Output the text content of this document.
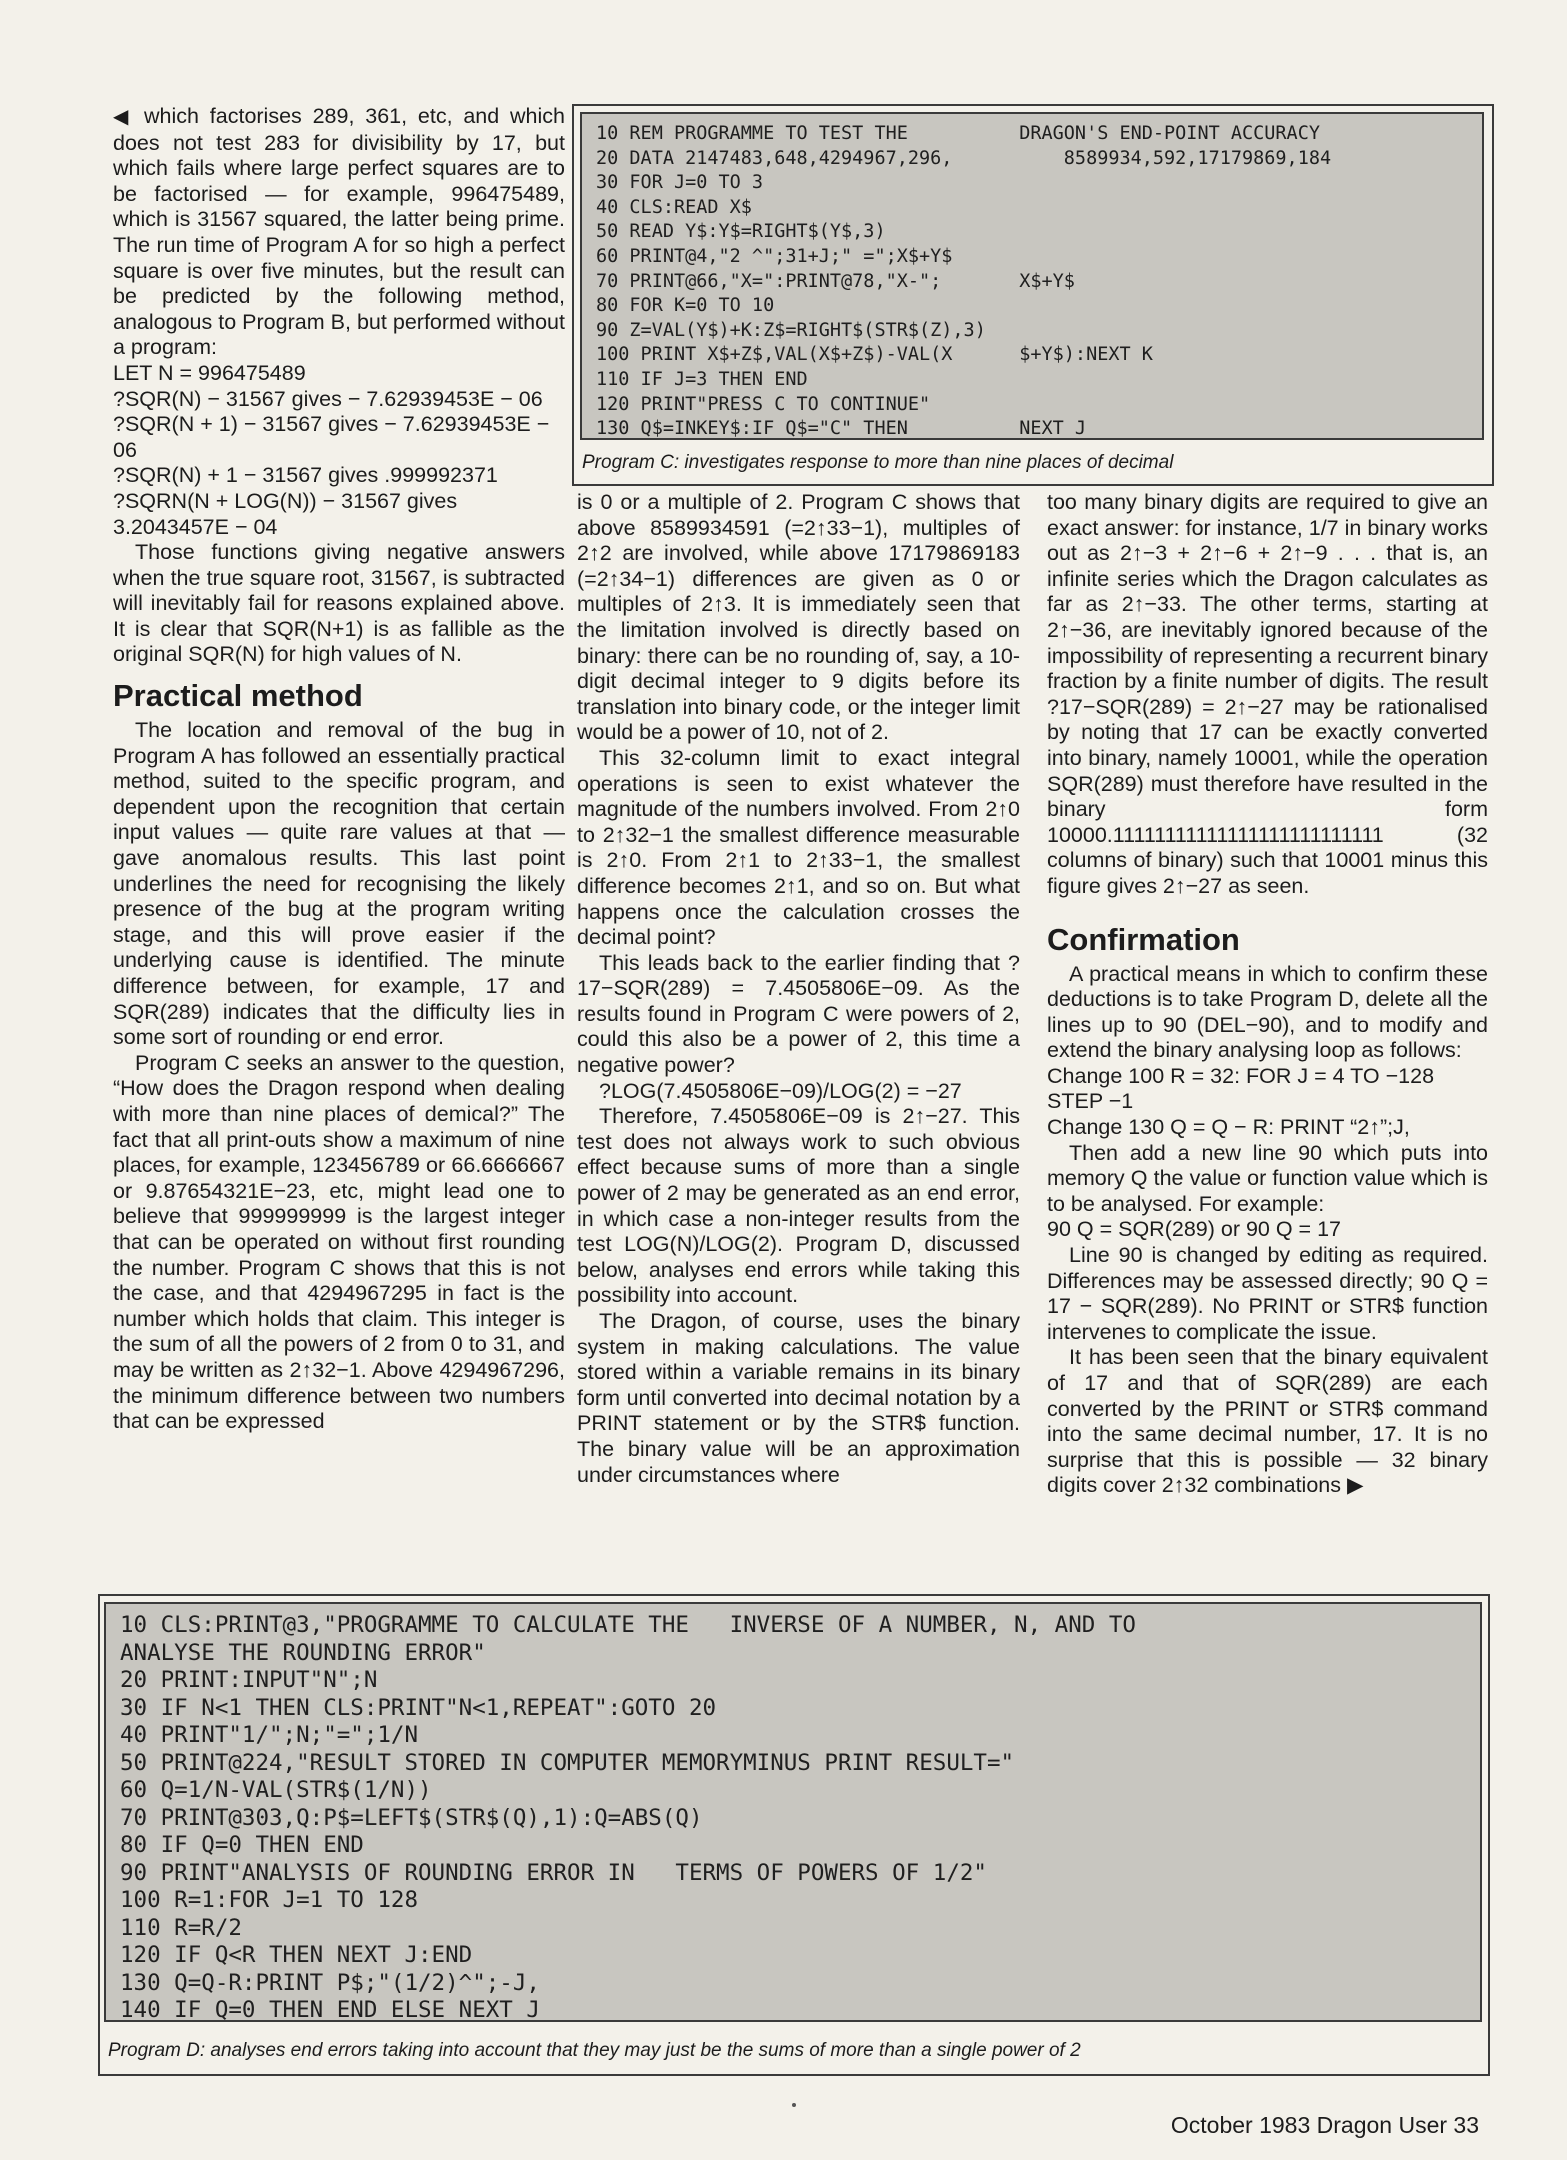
10 REM PROGRAMME TO TEST THE          DRAGON'S END-POINT ACCURACY
20 DATA 2147483,648,4294967,296,          8589934,592,17179869,184
30 FOR J=0 TO 3
40 CLS:READ X$
50 READ Y$:Y$=RIGHT$(Y$,3)
60 PRINT@4,"2 ^";31+J;" =";X$+Y$
70 PRINT@66,"X=":PRINT@78,"X-";       X$+Y$
80 FOR K=0 TO 10
90 Z=VAL(Y$)+K:Z$=RIGHT$(STR$(Z),3)
100 PRINT X$+Z$,VAL(X$+Z$)-VAL(X      $+Y$):NEXT K
110 IF J=3 THEN END
120 PRINT"PRESS C TO CONTINUE"
130 Q$=INKEY$:IF Q$="C" THEN          NEXT J
Program C: investigates response to more than nine places of decimal

◀ which factorises 289, 361, etc, and which does not test 283 for divisibility by 17, but which fails where large perfect squares are to be factorised — for example, 996475489, which is 31567 squared, the latter being prime. The run time of Program A for so high a perfect square is over five minutes, but the result can be predicted by the following method, analogous to Program B, but performed without a program:

LET N = 996475489

?SQR(N) − 31567 gives − 7.62939453E − 06

?SQR(N + 1) − 31567 gives − 7.62939453E − 06

?SQR(N) + 1 − 31567 gives .999992371

?SQRN(N + LOG(N)) − 31567 gives 3.2043457E − 04

Those functions giving negative answers when the true square root, 31567, is subtracted will inevitably fail for reasons explained above. It is clear that SQR(N+1) is as fallible as the original SQR(N) for high values of N.

Practical method

The location and removal of the bug in Program A has followed an essentially practical method, suited to the specific program, and dependent upon the recognition that certain input values — quite rare values at that — gave anomalous results. This last point underlines the need for recognising the likely presence of the bug at the program writing stage, and this will prove easier if the underlying cause is identified. The minute difference between, for example, 17 and SQR(289) indicates that the difficulty lies in some sort of rounding or end error.

Program C seeks an answer to the question, “How does the Dragon respond when dealing with more than nine places of demical?” The fact that all print-outs show a maximum of nine places, for example, 123456789 or 66.6666667 or 9.87654321E−23, etc, might lead one to believe that 999999999 is the largest integer that can be operated on without first rounding the number. Program C shows that this is not the case, and that 4294967295 in fact is the number which holds that claim. This integer is the sum of all the powers of 2 from 0 to 31, and may be written as 2↑32−1. Above 4294967296, the minimum difference between two numbers that can be expressed

is 0 or a multiple of 2. Program C shows that above 8589934591 (=2↑33−1), multiples of 2↑2 are involved, while above 17179869183 (=2↑34−1) differences are given as 0 or multiples of 2↑3. It is immediately seen that the limitation involved is directly based on binary: there can be no rounding of, say, a 10-digit decimal integer to 9 digits before its translation into binary code, or the integer limit would be a power of 10, not of 2.

This 32-column limit to exact integral operations is seen to exist whatever the magnitude of the numbers involved. From 2↑0 to 2↑32−1 the smallest difference measurable is 2↑0. From 2↑1 to 2↑33−1, the smallest difference becomes 2↑1, and so on. But what happens once the calculation crosses the decimal point?

This leads back to the earlier finding that ?17−SQR(289) = 7.4505806E−09. As the results found in Program C were powers of 2, could this also be a power of 2, this time a negative power?

?LOG(7.4505806E−09)/LOG(2) = −27

Therefore, 7.4505806E−09 is 2↑−27. This test does not always work to such obvious effect because sums of more than a single power of 2 may be generated as an end error, in which case a non-integer results from the test LOG(N)/LOG(2). Program D, discussed below, analyses end errors while taking this possibility into account.

The Dragon, of course, uses the binary system in making calculations. The value stored within a variable remains in its binary form until converted into decimal notation by a PRINT statement or by the STR$ function. The binary value will be an approximation under circumstances where

too many binary digits are required to give an exact answer: for instance, 1/7 in binary works out as 2↑−3 + 2↑−6 + 2↑−9 . . . that is, an infinite series which the Dragon calculates as far as 2↑−33. The other terms, starting at 2↑−36, are inevitably ignored because of the impossibility of representing a recurrent binary fraction by a finite number of digits. The result ?17−SQR(289) = 2↑−27 may be rationalised by noting that 17 can be exactly converted into binary, namely 10001, while the operation SQR(289) must therefore have resulted in the binary form 10000.11111111111111111111111111 (32 columns of binary) such that 10001 minus this figure gives 2↑−27 as seen.

Confirmation

A practical means in which to confirm these deductions is to take Program D, delete all the lines up to 90 (DEL−90), and to modify and extend the binary analysing loop as follows:

Change 100 R = 32: FOR J = 4 TO −128 STEP −1

Change 130 Q = Q − R: PRINT “2↑”;J,

Then add a new line 90 which puts into memory Q the value or function value which is to be analysed. For example:

90 Q = SQR(289) or 90 Q = 17

Line 90 is changed by editing as required. Differences may be assessed directly; 90 Q = 17 − SQR(289). No PRINT or STR$ function intervenes to complicate the issue.

It has been seen that the binary equivalent of 17 and that of SQR(289) are each converted by the PRINT or STR$ command into the same decimal number, 17. It is no surprise that this is possible — 32 binary digits cover 2↑32 combinations ▶

10 CLS:PRINT@3,"PROGRAMME TO CALCULATE THE   INVERSE OF A NUMBER, N, AND TO
ANALYSE THE ROUNDING ERROR"
20 PRINT:INPUT"N";N
30 IF N<1 THEN CLS:PRINT"N<1,REPEAT":GOTO 20
40 PRINT"1/";N;"=";1/N
50 PRINT@224,"RESULT STORED IN COMPUTER MEMORYMINUS PRINT RESULT="
60 Q=1/N-VAL(STR$(1/N))
70 PRINT@303,Q:P$=LEFT$(STR$(Q),1):Q=ABS(Q)
80 IF Q=0 THEN END
90 PRINT"ANALYSIS OF ROUNDING ERROR IN   TERMS OF POWERS OF 1/2"
100 R=1:FOR J=1 TO 128
110 R=R/2
120 IF Q<R THEN NEXT J:END
130 Q=Q-R:PRINT P$;"(1/2)^";-J,
140 IF Q=0 THEN END ELSE NEXT J
Program D: analyses end errors taking into account that they may just be the sums of more than a single power of 2
October 1983 Dragon User 33
